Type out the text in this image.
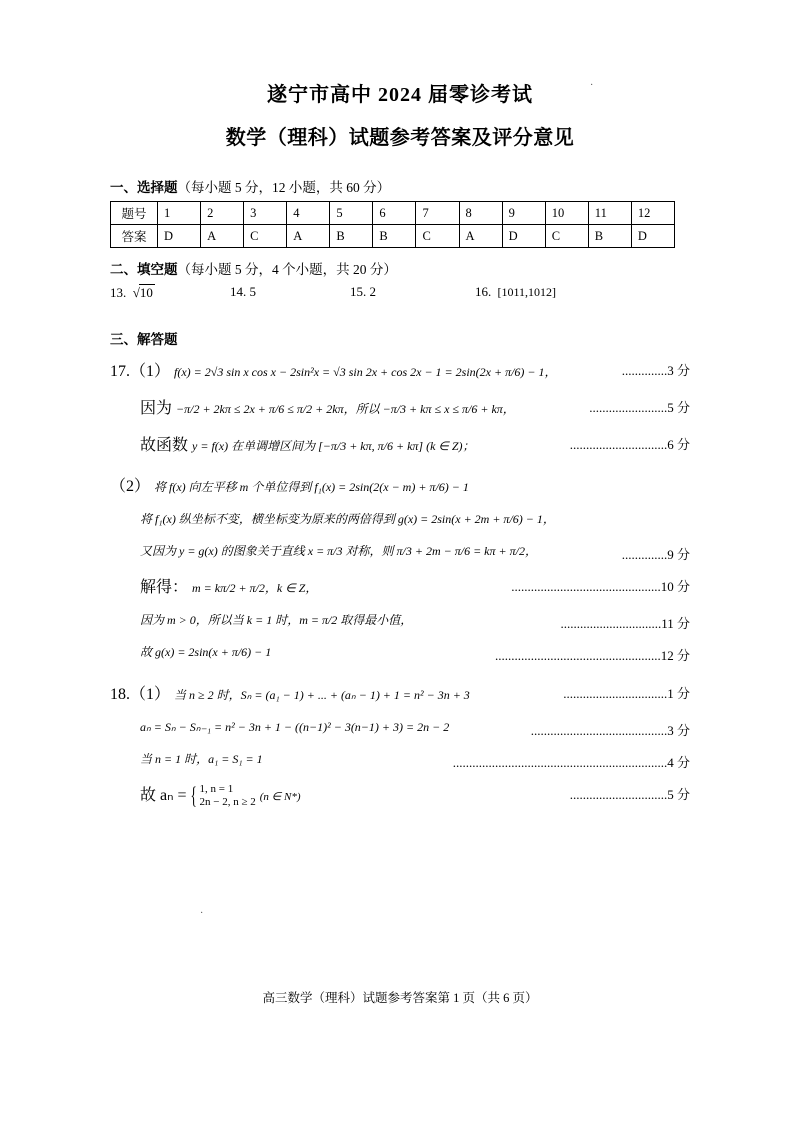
遂宁市高中 2024 届零诊考试
数学（理科）试题参考答案及评分意见
一、选择题（每小题 5 分，12 小题，共 60 分）
题号	1	2	3	4	5	6	7	8	9	10	11	12
答案	D	A	C	A	B	B	C	A	D	C	B	D
二、填空题（每小题 5 分，4 个小题，共 20 分）
13.  √10	14. 5	15. 2	16. [1011,1012]
三、解答题
17.（1） f(x) = 2√3 sin x cos x − 2sin²x = √3 sin 2x + cos 2x − 1 = 2sin(2x + π/6) − 1，	..............3 分
因为 −π/2 + 2kπ ≤ 2x + π/6 ≤ π/2 + 2kπ，所以 −π/3 + kπ ≤ x ≤ π/6 + kπ，	........................5 分
故函数 y = f(x) 在单调增区间为 [−π/3 + kπ, π/6 + kπ] (k ∈ Z)；	..............................6 分
（2） 将 f(x) 向左平移 m 个单位得到 f₁(x) = 2sin(2(x − m) + π/6) − 1
将 f₁(x) 纵坐标不变，横坐标变为原来的两倍得到 g(x) = 2sin(x + 2m + π/6) − 1，
又因为 y = g(x) 的图象关于直线 x = π/3 对称，则 π/3 + 2m − π/6 = kπ + π/2，	..............9 分
解得： m = kπ/2 + π/2，k ∈ Z，	..............................................10 分
因为 m > 0，所以当 k = 1 时，m = π/2 取得最小值，	...............................11 分
故 g(x) = 2sin(x + π/6) − 1	...................................................12 分
18.（1） 当 n ≥ 2 时，Sₙ = (a₁ − 1) + ... + (aₙ − 1) + 1 = n² − 3n + 3	................................1 分
aₙ = Sₙ − Sₙ₋₁ = n² − 3n + 1 − ((n−1)² − 3(n−1) + 3) = 2n − 2	..........................................3 分
当 n = 1 时，a₁ = S₁ = 1	..................................................................4 分
故 aₙ = { 1, n = 1
2n − 2, n ≥ 2 (n ∈ N*)	..............................5 分
高三数学（理科）试题参考答案第 1 页（共 6 页）
·
·
